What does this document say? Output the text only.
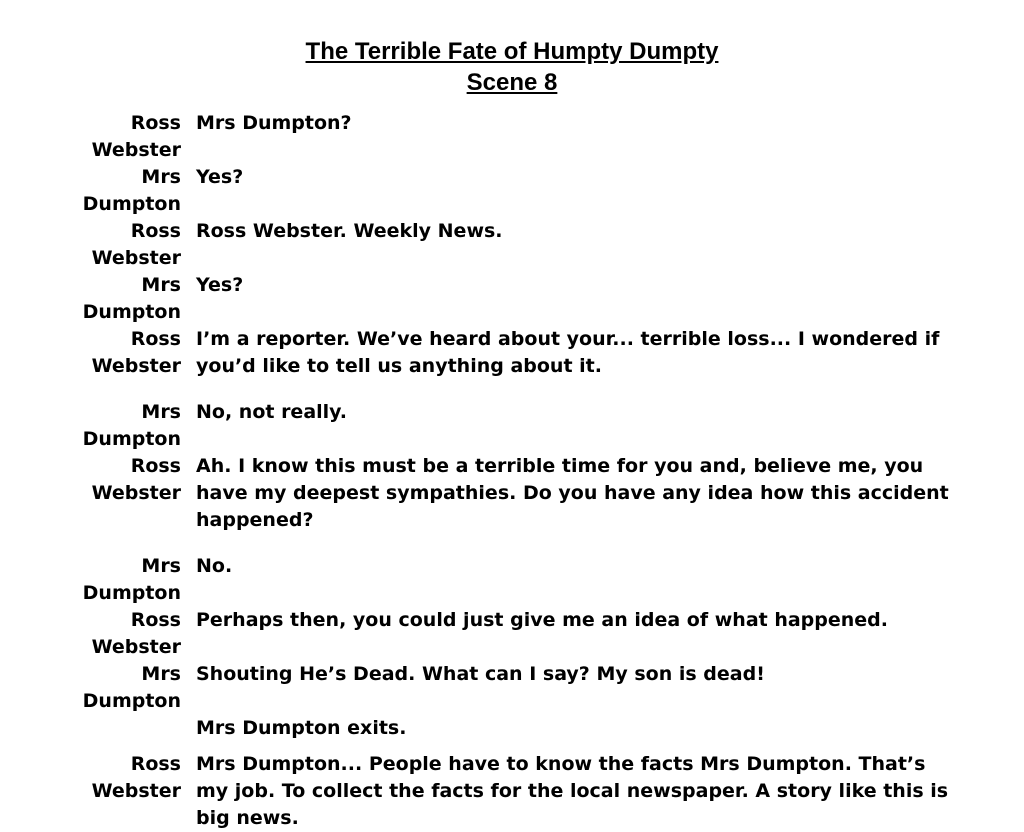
The Terrible Fate of Humpty Dumpty
Scene 8
Ross
Webster
Mrs Dumpton?
Mrs
Dumpton
Yes?
Ross
Webster
Ross Webster. Weekly News.
Mrs
Dumpton
Yes?
Ross
Webster
I’m a reporter. We’ve heard about your... terrible loss... I wondered if you’d like to tell us anything about it.
Mrs
Dumpton
No, not really.
Ross
Webster
Ah. I know this must be a terrible time for you and, believe me, you have my deepest sympathies. Do you have any idea how this accident happened?
Mrs
Dumpton
No.
Ross
Webster
Perhaps then, you could just give me an idea of what happened.
Mrs
Dumpton
Shouting He’s Dead. What can I say? My son is dead!
Mrs Dumpton exits.
Ross
Webster
Mrs Dumpton... People have to know the facts Mrs Dumpton. That’s my job. To collect the facts for the local newspaper. A story like this is big news.
